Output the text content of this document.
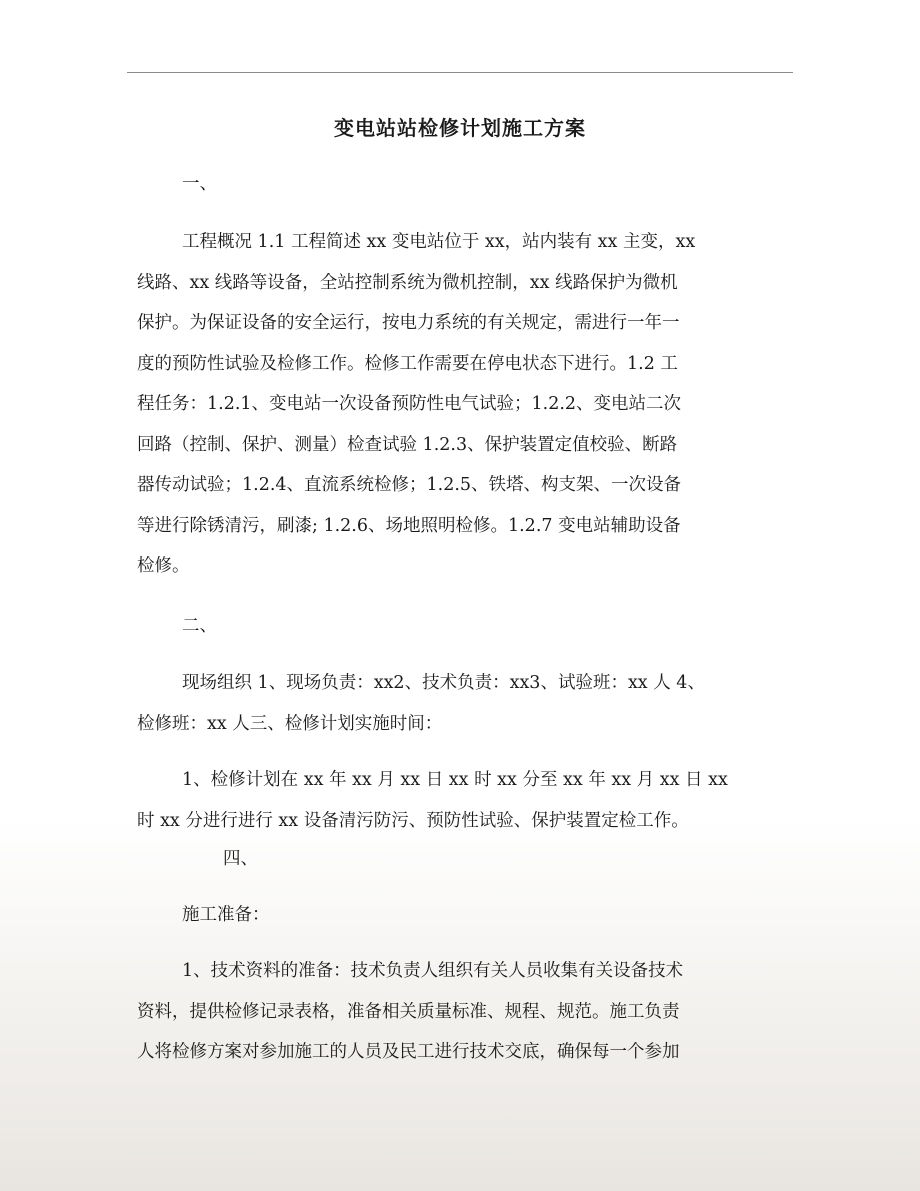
变电站站检修计划施工方案

一、

工程概况 1.1 工程简述 xx 变电站位于 xx，站内装有 xx 主变，xx
线路、xx 线路等设备，全站控制系统为微机控制，xx 线路保护为微机
保护。为保证设备的安全运行，按电力系统的有关规定，需进行一年一
度的预防性试验及检修工作。检修工作需要在停电状态下进行。1.2 工
程任务：1.2.1、变电站一次设备预防性电气试验；1.2.2、变电站二次
回路（控制、保护、测量）检查试验 1.2.3、保护装置定值校验、断路
器传动试验；1.2.4、直流系统检修；1.2.5、铁塔、构支架、一次设备
等进行除锈清污，刷漆; 1.2.6、场地照明检修。1.2.7 变电站辅助设备
检修。

二、

现场组织 1、现场负责：xx2、技术负责：xx3、试验班：xx 人 4、
检修班：xx 人三、检修计划实施时间：

1、检修计划在 xx 年 xx 月 xx 日 xx 时 xx 分至 xx 年 xx 月 xx 日 xx
时 xx 分进行进行 xx 设备清污防污、预防性试验、保护装置定检工作。

四、

施工准备：

1、技术资料的准备：技术负责人组织有关人员收集有关设备技术
资料，提供检修记录表格，准备相关质量标准、规程、规范。施工负责
人将检修方案对参加施工的人员及民工进行技术交底，确保每一个参加
